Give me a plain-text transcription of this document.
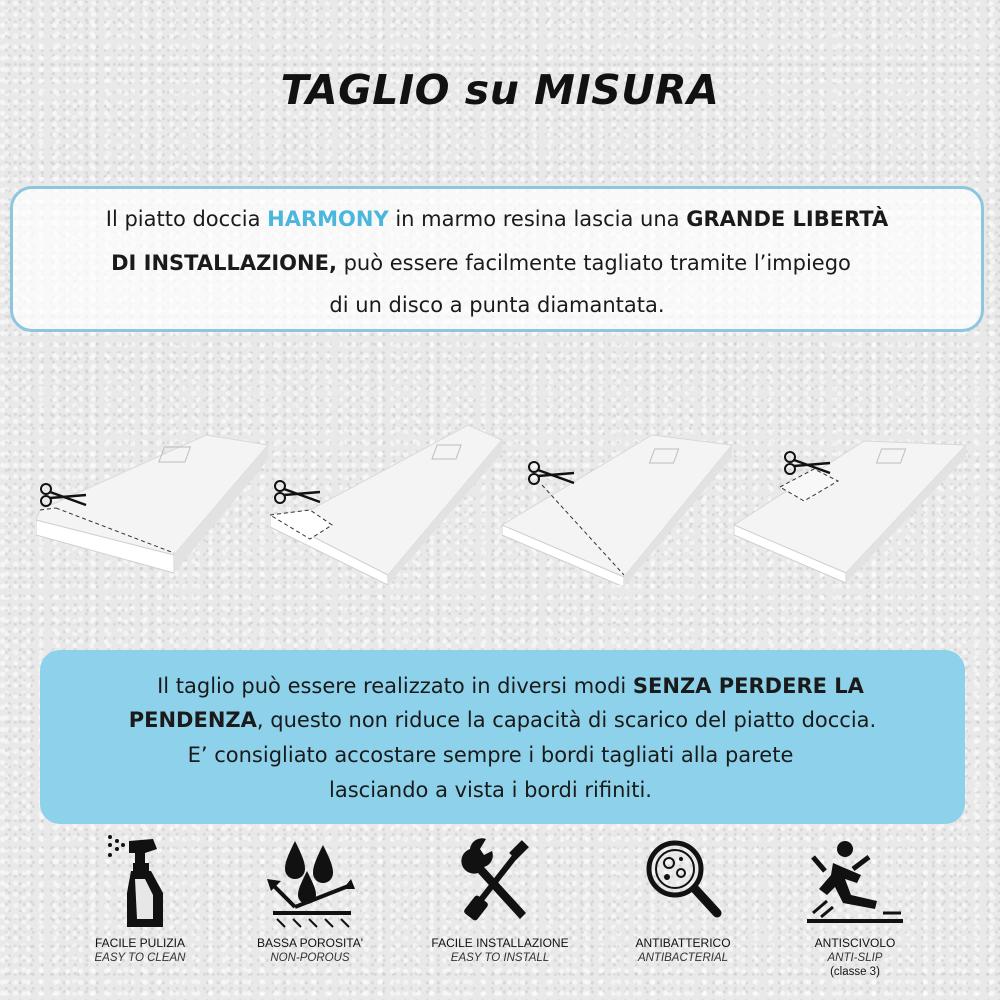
TAGLIO su MISURA
Il piatto doccia HARMONY in marmo resina lascia una GRANDE LIBERTÀ
DI INSTALLAZIONE, può essere facilmente tagliato tramite l’impiego
di un disco a punta diamantata.
Il taglio può essere realizzato in diversi modi SENZA PERDERE LA
PENDENZA, questo non riduce la capacità di scarico del piatto doccia.
E’ consigliato accostare sempre i bordi tagliati alla parete
lasciando a vista i bordi rifiniti.
FACILE PULIZIA
EASY TO CLEAN
BASSA POROSITA'
NON-POROUS
FACILE INSTALLAZIONE
EASY TO INSTALL
ANTIBATTERICO
ANTIBACTERIAL
ANTISCIVOLO
ANTI-SLIP
(classe 3)
